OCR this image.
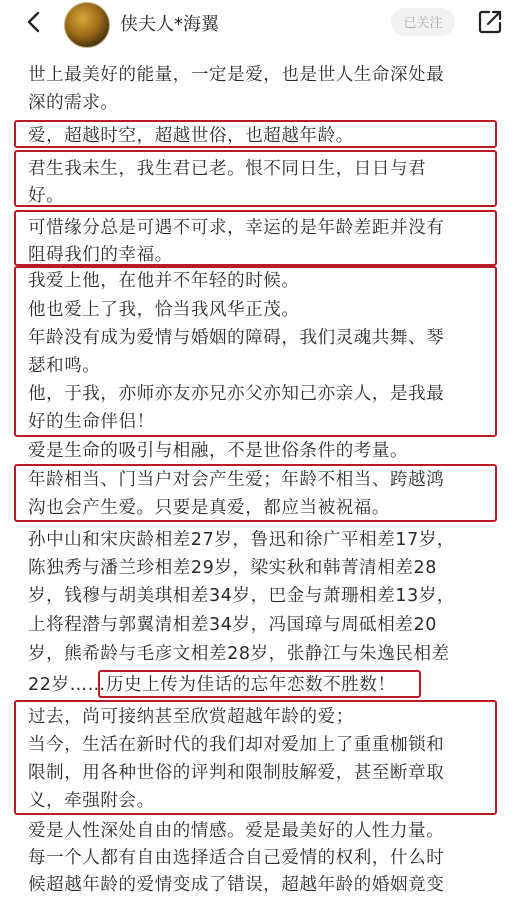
侠夫人*海翼	已关注
世上最美好的能量，一定是爱，也是世人生命深处最
深的需求。
爱，超越时空，超越世俗，也超越年龄。
君生我未生，我生君已老。恨不同日生，日日与君
好。
可惜缘分总是可遇不可求，幸运的是年龄差距并没有
阻碍我们的幸福。
我爱上他，在他并不年轻的时候。
他也爱上了我，恰当我风华正茂。
年龄没有成为爱情与婚姻的障碍，我们灵魂共舞、琴
瑟和鸣。
他，于我，亦师亦友亦兄亦父亦知己亦亲人，是我最
好的生命伴侣！
爱是生命的吸引与相融，不是世俗条件的考量。
年龄相当、门当户对会产生爱；年龄不相当、跨越鸿
沟也会产生爱。只要是真爱，都应当被祝福。
孙中山和宋庆龄相差27岁，鲁迅和徐广平相差17岁，
陈独秀与潘兰珍相差29岁，梁实秋和韩菁清相差28
岁，钱穆与胡美琪相差34岁，巴金与萧珊相差13岁，
上将程潜与郭翼清相差34岁，冯国璋与周砥相差20
岁，熊希龄与毛彦文相差28岁，张静江与朱逸民相差
22岁…… 历史上传为佳话的忘年恋数不胜数！
过去，尚可接纳甚至欣赏超越年龄的爱；
当今，生活在新时代的我们却对爱加上了重重枷锁和
限制，用各种世俗的评判和限制肢解爱，甚至断章取
义，牵强附会。
爱是人性深处自由的情感。爱是最美好的人性力量。
每一个人都有自由选择适合自己爱情的权利，什么时
候超越年龄的爱情变成了错误，超越年龄的婚姻竟变
